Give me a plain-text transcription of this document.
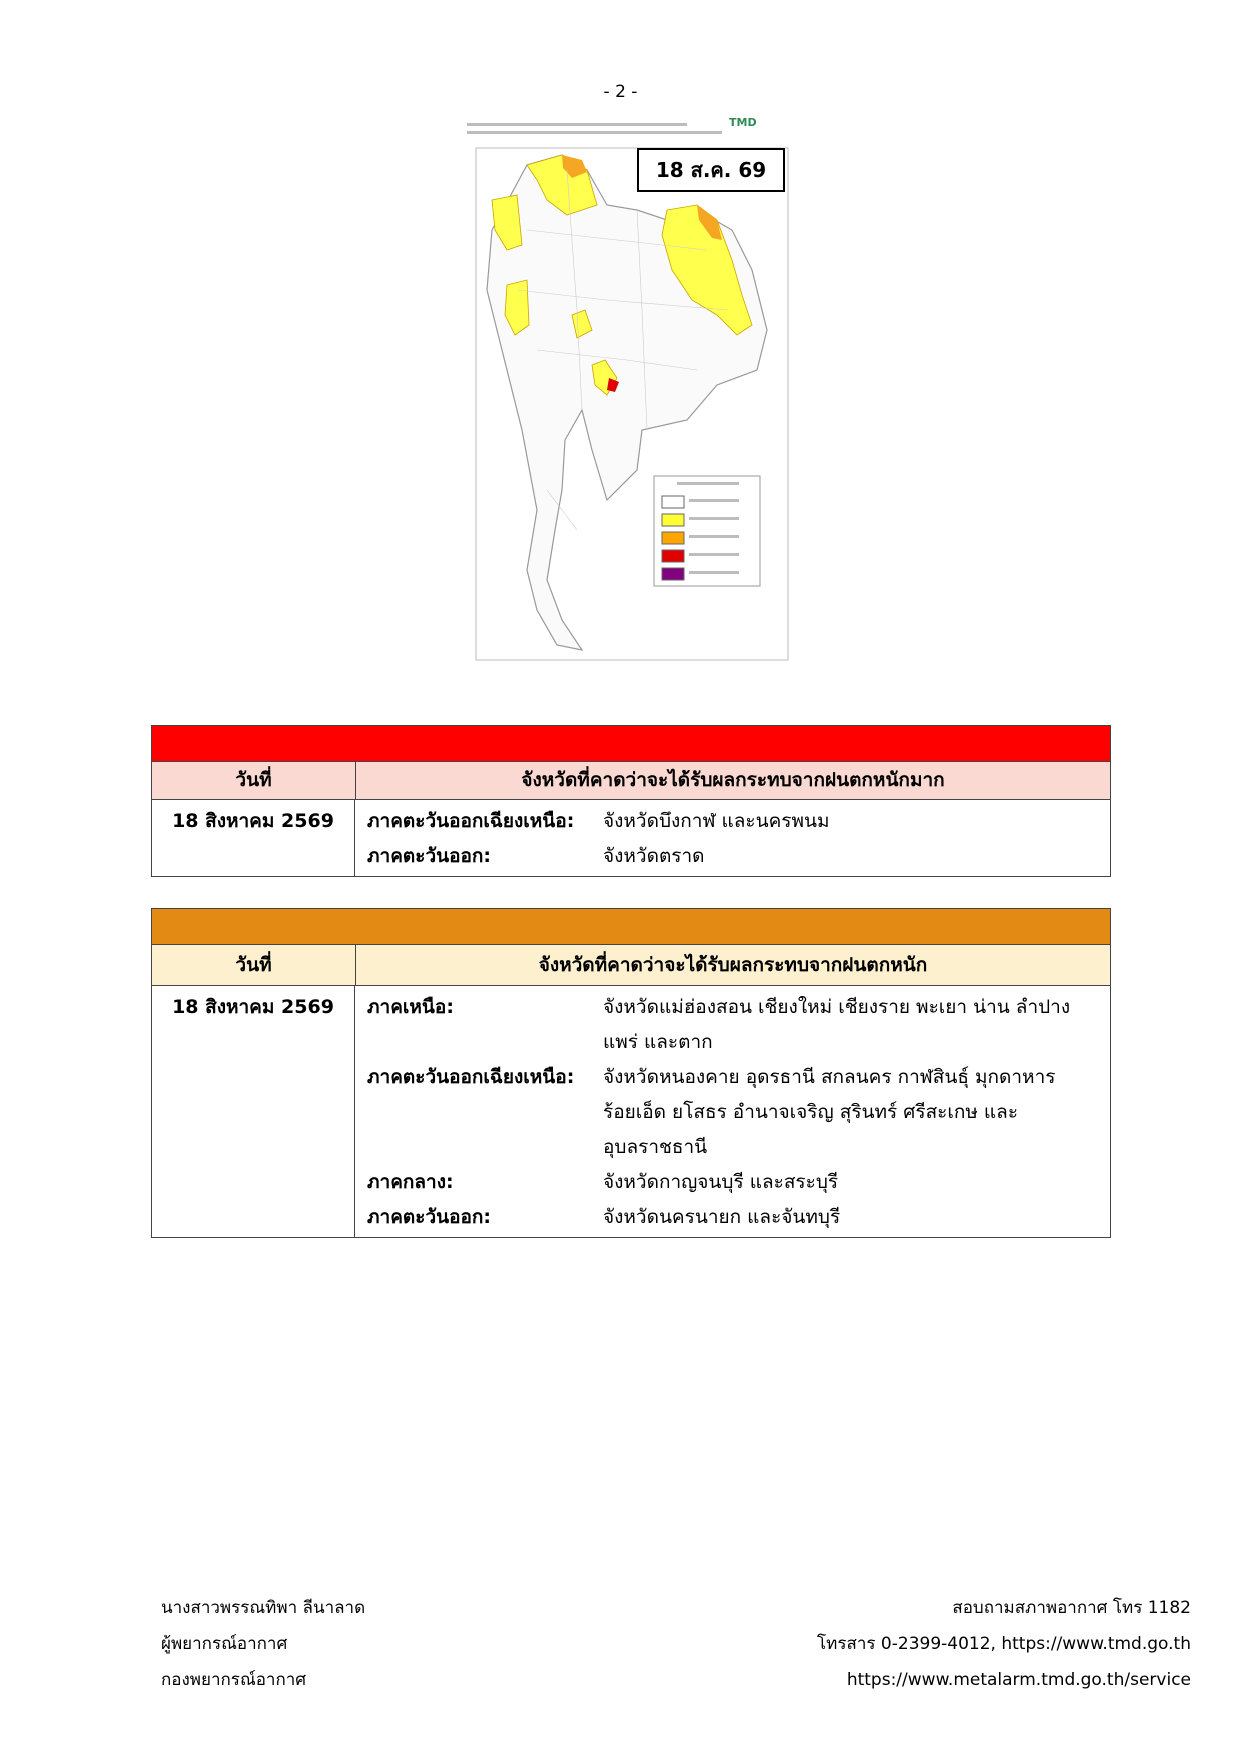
- 2 -
TMD
18 ส.ค. 69
วันที่	จังหวัดที่คาดว่าจะได้รับผลกระทบจากฝนตกหนักมาก
18 สิงหาคม 2569	ภาคตะวันออกเฉียงเหนือ:	จังหวัดบึงกาฬ และนครพนม
ภาคตะวันออก:	จังหวัดตราด
วันที่	จังหวัดที่คาดว่าจะได้รับผลกระทบจากฝนตกหนัก
18 สิงหาคม 2569	ภาคเหนือ:	จังหวัดแม่ฮ่องสอน เชียงใหม่ เชียงราย พะเยา น่าน ลำปาง แพร่ และตาก
ภาคตะวันออกเฉียงเหนือ:	จังหวัดหนองคาย อุดรธานี สกลนคร กาฬสินธุ์ มุกดาหาร ร้อยเอ็ด ยโสธร อำนาจเจริญ สุรินทร์ ศรีสะเกษ และอุบลราชธานี
ภาคกลาง:	จังหวัดกาญจนบุรี และสระบุรี
ภาคตะวันออก:	จังหวัดนครนายก และจันทบุรี
นางสาวพรรณทิพา ลีนาลาด
ผู้พยากรณ์อากาศ
กองพยากรณ์อากาศ
สอบถามสภาพอากาศ โทร 1182
โทรสาร 0-2399-4012, https://www.tmd.go.th
https://www.metalarm.tmd.go.th/service
